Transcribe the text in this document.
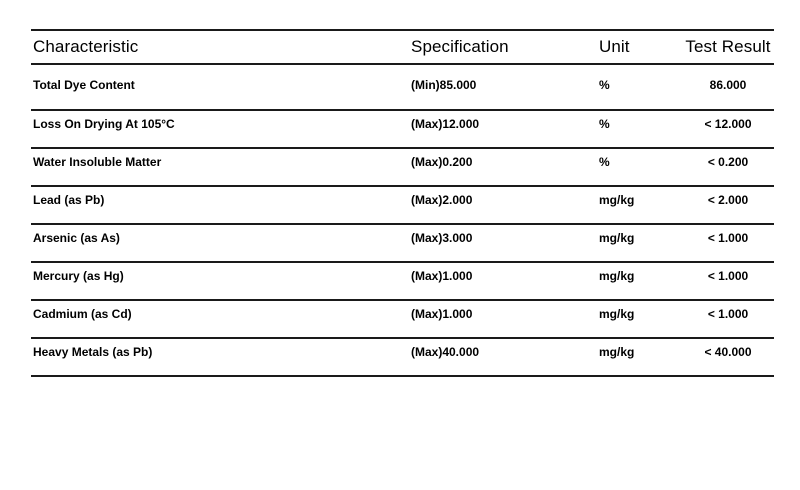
Characteristic	Specification	Unit	Test Result
Total Dye Content	(Min)85.000	%	86.000
Loss On Drying At 105°C	(Max)12.000	%	< 12.000
Water Insoluble Matter	(Max)0.200	%	< 0.200
Lead (as Pb)	(Max)2.000	mg/kg	< 2.000
Arsenic (as As)	(Max)3.000	mg/kg	< 1.000
Mercury (as Hg)	(Max)1.000	mg/kg	< 1.000
Cadmium (as Cd)	(Max)1.000	mg/kg	< 1.000
Heavy Metals (as Pb)	(Max)40.000	mg/kg	< 40.000
